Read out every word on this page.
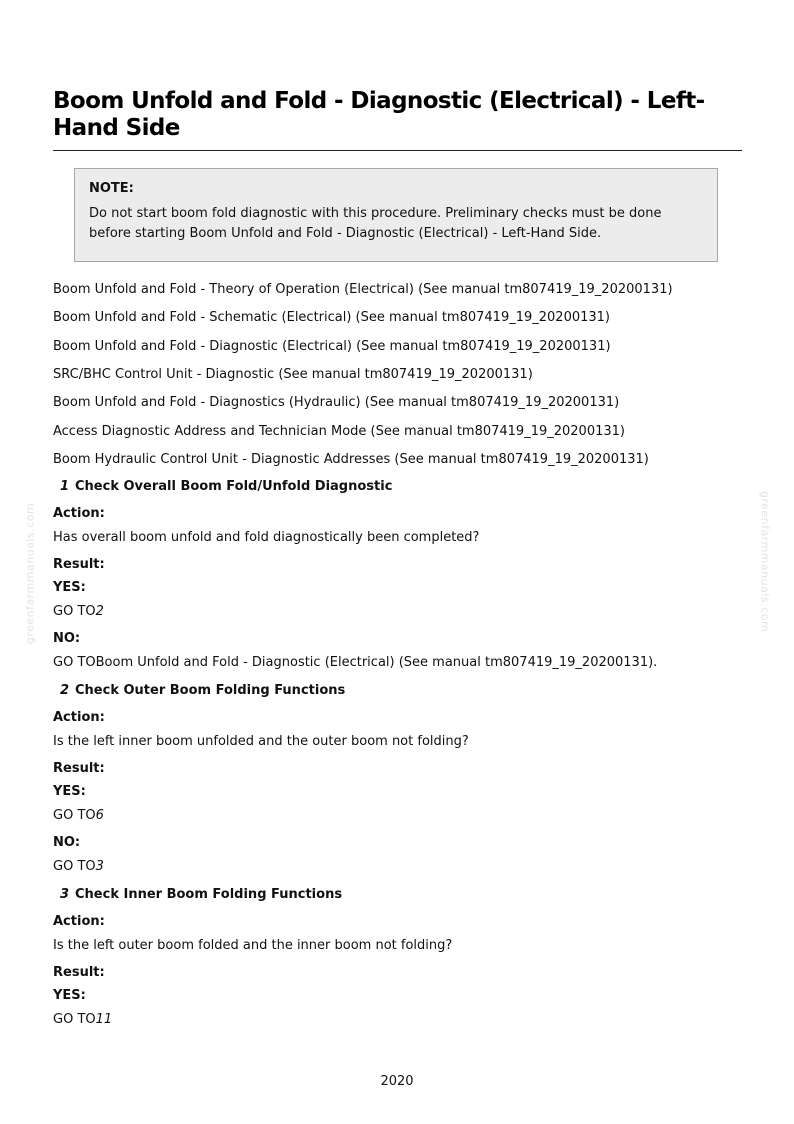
Boom Unfold and Fold - Diagnostic (Electrical) - Left-Hand Side

NOTE:

Do not start boom fold diagnostic with this procedure. Preliminary checks must be done before starting Boom Unfold and Fold - Diagnostic (Electrical) - Left-Hand Side.

Boom Unfold and Fold - Theory of Operation (Electrical) (See manual tm807419_19_20200131)
Boom Unfold and Fold - Schematic (Electrical) (See manual tm807419_19_20200131)
Boom Unfold and Fold - Diagnostic (Electrical) (See manual tm807419_19_20200131)
SRC/BHC Control Unit - Diagnostic (See manual tm807419_19_20200131)
Boom Unfold and Fold - Diagnostics (Hydraulic) (See manual tm807419_19_20200131)
Access Diagnostic Address and Technician Mode (See manual tm807419_19_20200131)
Boom Hydraulic Control Unit - Diagnostic Addresses (See manual tm807419_19_20200131)
1 Check Overall Boom Fold/Unfold Diagnostic
Action:
Has overall boom unfold and fold diagnostically been completed?
Result:
YES:
GO TO2
NO:
GO TOBoom Unfold and Fold - Diagnostic (Electrical) (See manual tm807419_19_20200131).
2 Check Outer Boom Folding Functions
Action:
Is the left inner boom unfolded and the outer boom not folding?
Result:
YES:
GO TO6
NO:
GO TO3
3 Check Inner Boom Folding Functions
Action:
Is the left outer boom folded and the inner boom not folding?
Result:
YES:
GO TO11
2020
greenfarmmanuals.com	greenfarmmanuals.com
